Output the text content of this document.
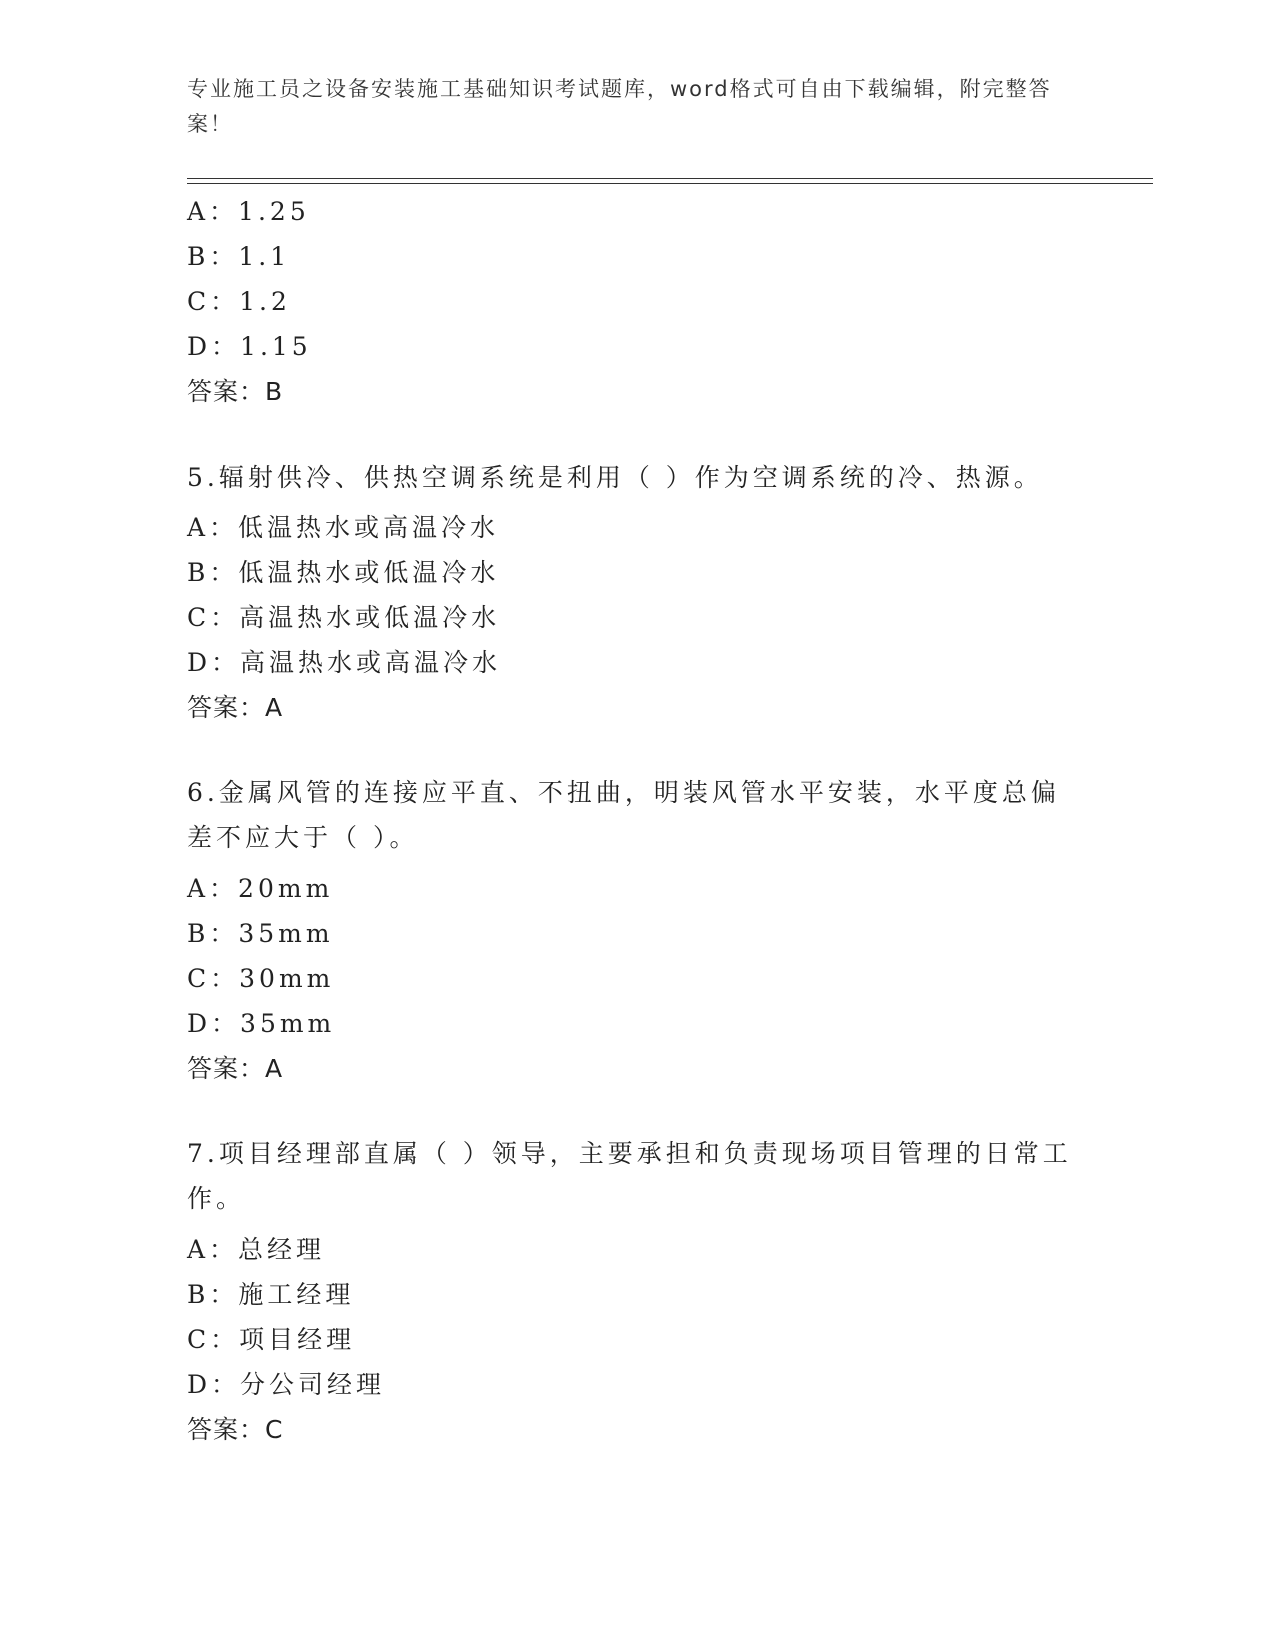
专业施工员之设备安装施工基础知识考试题库，word格式可自由下载编辑，附完整答案！
A：1.25
B：1.1
C：1.2
D：1.15
答案：B
5.辐射供冷、供热空调系统是利用（ ）作为空调系统的冷、热源。
A：低温热水或高温冷水
B：低温热水或低温冷水
C：高温热水或低温冷水
D：高温热水或高温冷水
答案：A
6.金属风管的连接应平直、不扭曲，明装风管水平安装，水平度总偏差不应大于（ ）。
A：20mm
B：35mm
C：30mm
D：35mm
答案：A
7.项目经理部直属（ ）领导，主要承担和负责现场项目管理的日常工作。
A：总经理
B：施工经理
C：项目经理
D：分公司经理
答案：C
